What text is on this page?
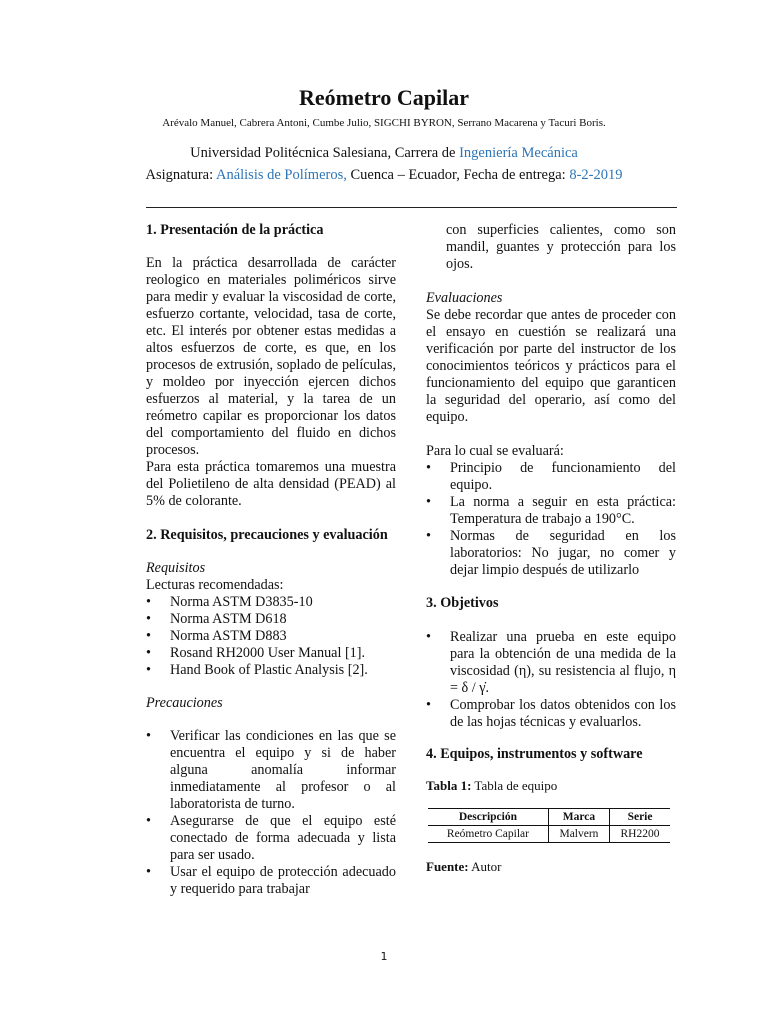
Reómetro Capilar
Arévalo Manuel, Cabrera Antoni, Cumbe Julio, SIGCHI BYRON, Serrano Macarena y Tacuri Boris.
Universidad Politécnica Salesiana, Carrera de Ingeniería Mecánica
Asignatura: Análisis de Polímeros, Cuenca – Ecuador, Fecha de entrega: 8-2-2019

1. Presentación de la práctica

En la práctica desarrollada de carácter reologico en materiales poliméricos sirve para medir y evaluar la viscosidad de corte, esfuerzo cortante, velocidad, tasa de corte, etc. El interés por obtener estas medidas a altos esfuerzos de corte, es que, en los procesos de extrusión, soplado de películas, y moldeo por inyección ejercen dichos esfuerzos al material, y la tarea de un reómetro capilar es proporcionar los datos del comportamiento del fluido en dichos procesos.

Para esta práctica tomaremos una muestra del Polietileno de alta densidad (PEAD) al 5% de colorante.

2. Requisitos, precauciones y evaluación

Requisitos

Lecturas recomendadas:

•	Norma ASTM D3835-10
•	Norma ASTM D618
•	Norma ASTM D883
•	Rosand RH2000 User Manual [1].
•	Hand Book of Plastic Analysis [2].

Precauciones

•	Verificar las condiciones en las que se encuentra el equipo y si de haber alguna anomalía informar inmediatamente al profesor o al laboratorista de turno.
•	Asegurarse de que el equipo esté conectado de forma adecuada y lista para ser usado.
•	Usar el equipo de protección adecuado y requerido para trabajar

con superficies calientes, como son mandil, guantes y protección para los ojos.

Evaluaciones

Se debe recordar que antes de proceder con el ensayo en cuestión se realizará una verificación por parte del instructor de los conocimientos teóricos y prácticos para el funcionamiento del equipo que garanticen la seguridad del operario, así como del equipo.

Para lo cual se evaluará:

•	Principio de funcionamiento del equipo.
•	La norma a seguir en esta práctica: Temperatura de trabajo a 190°C.
•	Normas de seguridad en los laboratorios: No jugar, no comer y dejar limpio después de utilizarlo

3. Objetivos

•	Realizar una prueba en este equipo para la obtención de una medida de la viscosidad (η), su resistencia al flujo, η = δ / γ̇.
•	Comprobar los datos obtenidos con los de las hojas técnicas y evaluarlos.

4. Equipos, instrumentos y software

Tabla 1: Tabla de equipo

Descripción	Marca	Serie
Reómetro Capilar	Malvern	RH2200

Fuente: Autor

1
